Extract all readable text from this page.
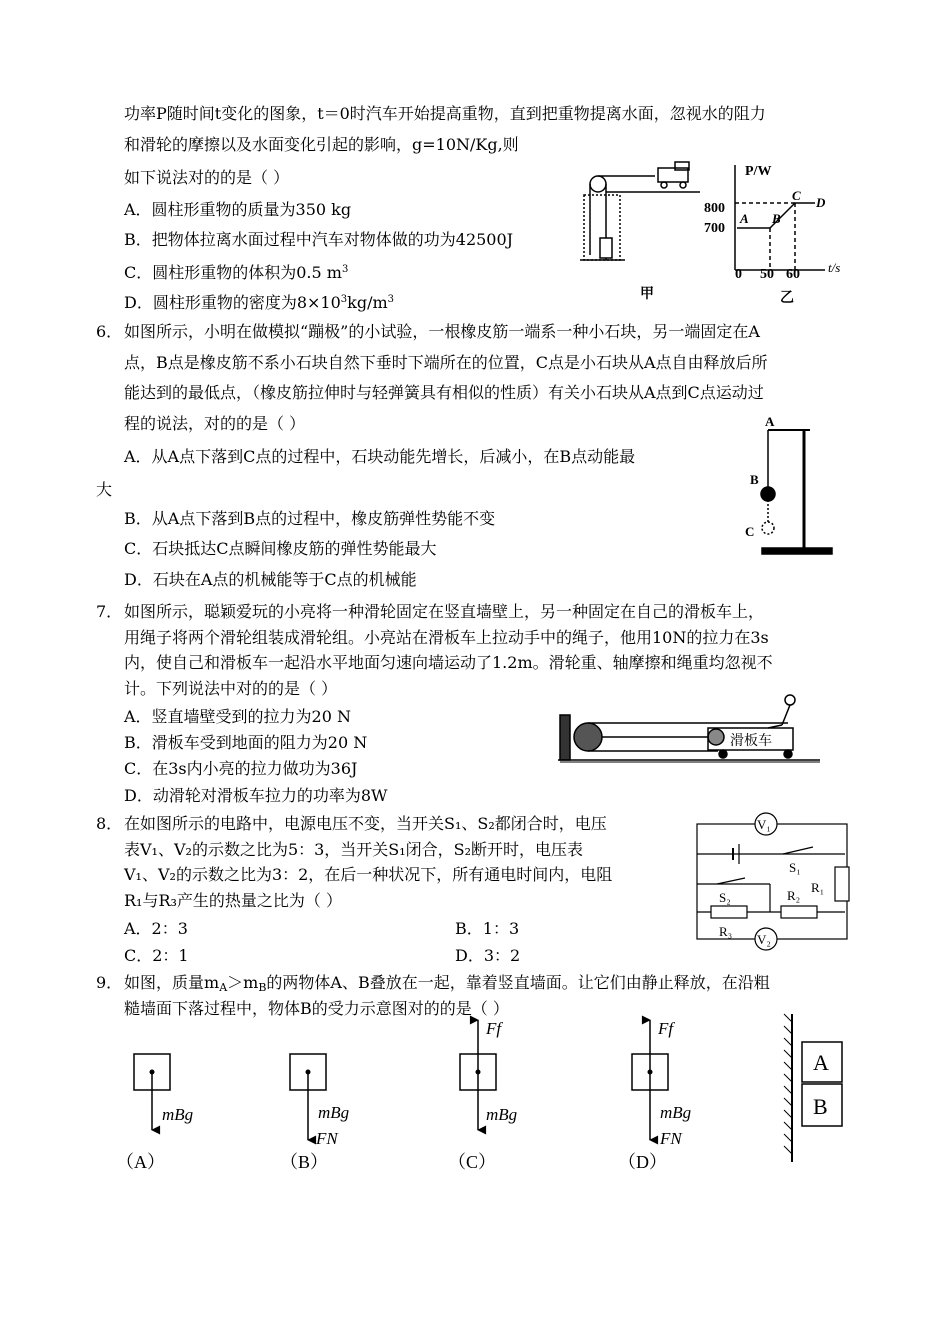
功率P随时间t变化的图象，t＝0时汽车开始提高重物，直到把重物提离水面，忽视水的阻力
和滑轮的摩擦以及水面变化引起的影响，g=10N/Kg,则
如下说法对的的是（ ）
A．圆柱形重物的质量为350 kg
B．把物体拉离水面过程中汽车对物体做的功为42500J
C．圆柱形重物的体积为0.5 $m^3$
D．圆柱形重物的密度为$8\times 10^3kg/m^3$
P/W
t/s
800
700
0 50 60
A B
C D
甲	乙
6． 如图所示，小明在做模拟“蹦极”的小试验，一根橡皮筋一端系一种小石块，另一端固定在A
点，B点是橡皮筋不系小石块自然下垂时下端所在的位置，C点是小石块从A点自由释放后所
能达到的最低点，（橡皮筋拉伸时与轻弹簧具有相似的性质）有关小石块从A点到C点运动过
程的说法，对的的是（ ）
A．从A点下落到C点的过程中，石块动能先增长，后减小，在B点动能最
大
B．从A点下落到B点的过程中，橡皮筋弹性势能不变
C．石块抵达C点瞬间橡皮筋的弹性势能最大
D．石块在A点的机械能等于C点的机械能
A
B
C
7． 如图所示，聪颖爱玩的小亮将一种滑轮固定在竖直墙壁上，另一种固定在自己的滑板车上，
用绳子将两个滑轮组装成滑轮组。小亮站在滑板车上拉动手中的绳子，他用10N的拉力在3s
内，使自己和滑板车一起沿水平地面匀速向墙运动了1.2m。滑轮重、轴摩擦和绳重均忽视不
计。下列说法中对的的是（ ）
A．竖直墙壁受到的拉力为20 N
B．滑板车受到地面的阻力为20 N
C．在3s内小亮的拉力做功为36J
D．动滑轮对滑板车拉力的功率为8W
滑板车
8． 在如图所示的电路中，电源电压不变，当开关S₁、S₂都闭合时，电压
表V₁、V₂的示数之比为5：3，当开关S₁闭合，S₂断开时，电压表
V₁、V₂的示数之比为3：2，在后一种状况下，所有通电时间内，电阻
R₁与R₃产生的热量之比为（ ）
A．2：3	B．1：3
C．2：1	D．3：2
V₁
V₂
S₁
S₂
R₁
R₂
R₃
9． 如图，质量$m_A>m_B$的两物体A、B叠放在一起，靠着竖直墙面。让它们由静止释放，在沿粗
糙墙面下落过程中，物体B的受力示意图对的的是（ ）
mBg	mBg
FN
mBg
Ff
mBg
FN
Ff
（A）	（B）	（C）	（D）
A
B
